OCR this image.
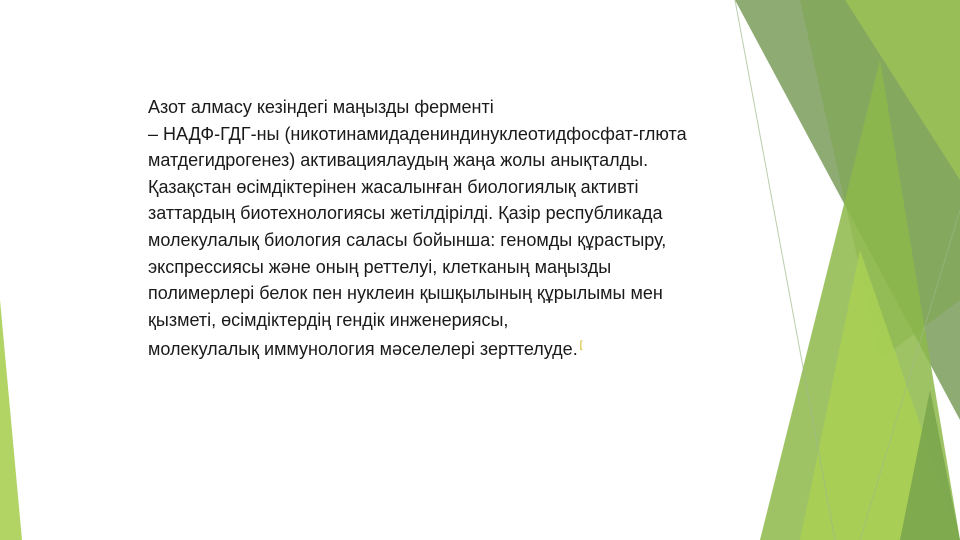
Азот алмасу кезіндегі маңызды ферменті
– НАДФ-ГДГ-ны (никотинамидадениндинуклеотидфосфат-глюта
матдегидрогенез) активациялаудың жаңа жолы анықталды.
Қазақстан өсімдіктерінен жасалынған биологиялық активті
заттардың биотехнологиясы жетілдірілді. Қазір республикада
молекулалық биология саласы бойынша: геномды құрастыру,
экспрессиясы және оның реттелуі, клетканың маңызды
полимерлері белок пен нуклеин қышқылының құрылымы мен
қызметі, өсімдіктердің гендік инженериясы,
молекулалық иммунология мәселелері зерттелуде. [
